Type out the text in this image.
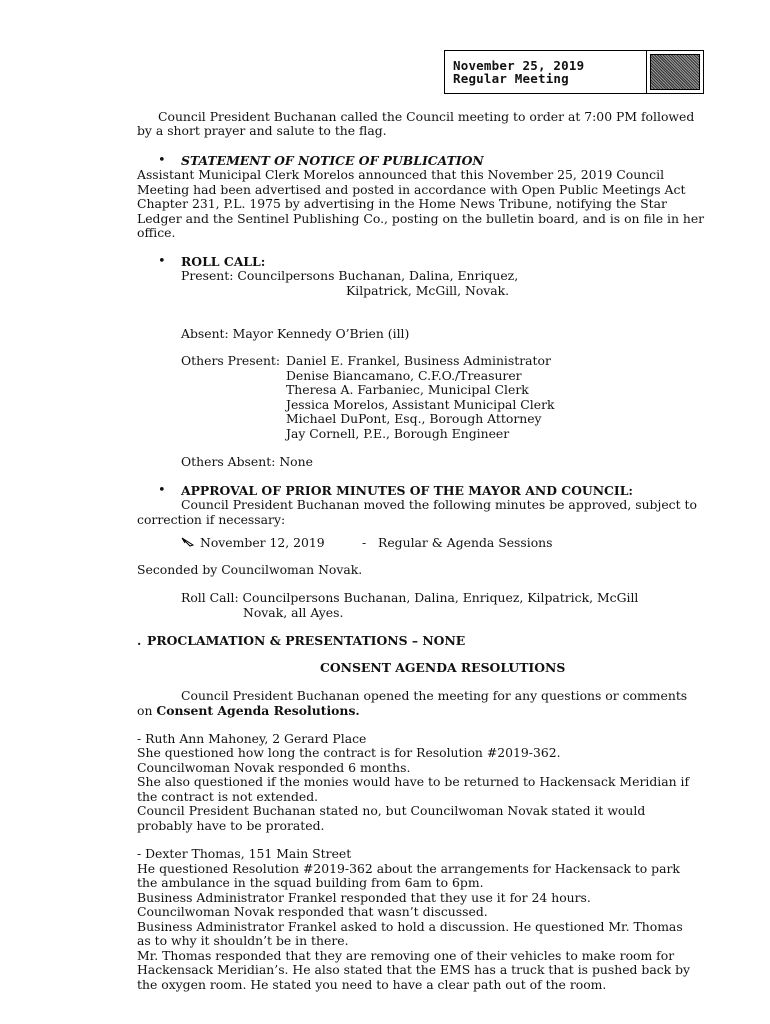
November 25, 2019
Regular Meeting
Council President Buchanan called the Council meeting to order at 7:00 PM followed
by a short prayer and salute to the flag.
• STATEMENT OF NOTICE OF PUBLICATION
Assistant Municipal Clerk Morelos announced that this November 25, 2019 Council
Meeting had been advertised and posted in accordance with Open Public Meetings Act
Chapter 231, P.L. 1975 by advertising in the Home News Tribune, notifying the Star
Ledger and the Sentinel Publishing Co., posting on the bulletin board, and is on file in her
office.
• ROLL CALL:
Present: Councilpersons Buchanan, Dalina, Enriquez,
Kilpatrick, McGill, Novak.
Absent: Mayor Kennedy O’Brien (ill)
Others Present: Daniel E. Frankel, Business Administrator
Denise Biancamano, C.F.O./Treasurer
Theresa A. Farbaniec, Municipal Clerk
Jessica Morelos, Assistant Municipal Clerk
Michael DuPont, Esq., Borough Attorney
Jay Cornell, P.E., Borough Engineer
Others Absent: None
• APPROVAL OF PRIOR MINUTES OF THE MAYOR AND COUNCIL:
Council President Buchanan moved the following minutes be approved, subject to
correction if necessary:
November 12, 2019	- Regular & Agenda Sessions
Seconded by Councilwoman Novak.
Roll Call: Councilpersons Buchanan, Dalina, Enriquez, Kilpatrick, McGill
Novak, all Ayes.
. PROCLAMATION & PRESENTATIONS – NONE
CONSENT AGENDA RESOLUTIONS
Council President Buchanan opened the meeting for any questions or comments
on Consent Agenda Resolutions.
- Ruth Ann Mahoney, 2 Gerard Place
She questioned how long the contract is for Resolution #2019-362.
Councilwoman Novak responded 6 months.
She also questioned if the monies would have to be returned to Hackensack Meridian if
the contract is not extended.
Council President Buchanan stated no, but Councilwoman Novak stated it would
probably have to be prorated.
- Dexter Thomas, 151 Main Street
He questioned Resolution #2019-362 about the arrangements for Hackensack to park
the ambulance in the squad building from 6am to 6pm.
Business Administrator Frankel responded that they use it for 24 hours.
Councilwoman Novak responded that wasn’t discussed.
Business Administrator Frankel asked to hold a discussion. He questioned Mr. Thomas
as to why it shouldn’t be in there.
Mr. Thomas responded that they are removing one of their vehicles to make room for
Hackensack Meridian’s. He also stated that the EMS has a truck that is pushed back by
the oxygen room. He stated you need to have a clear path out of the room.
